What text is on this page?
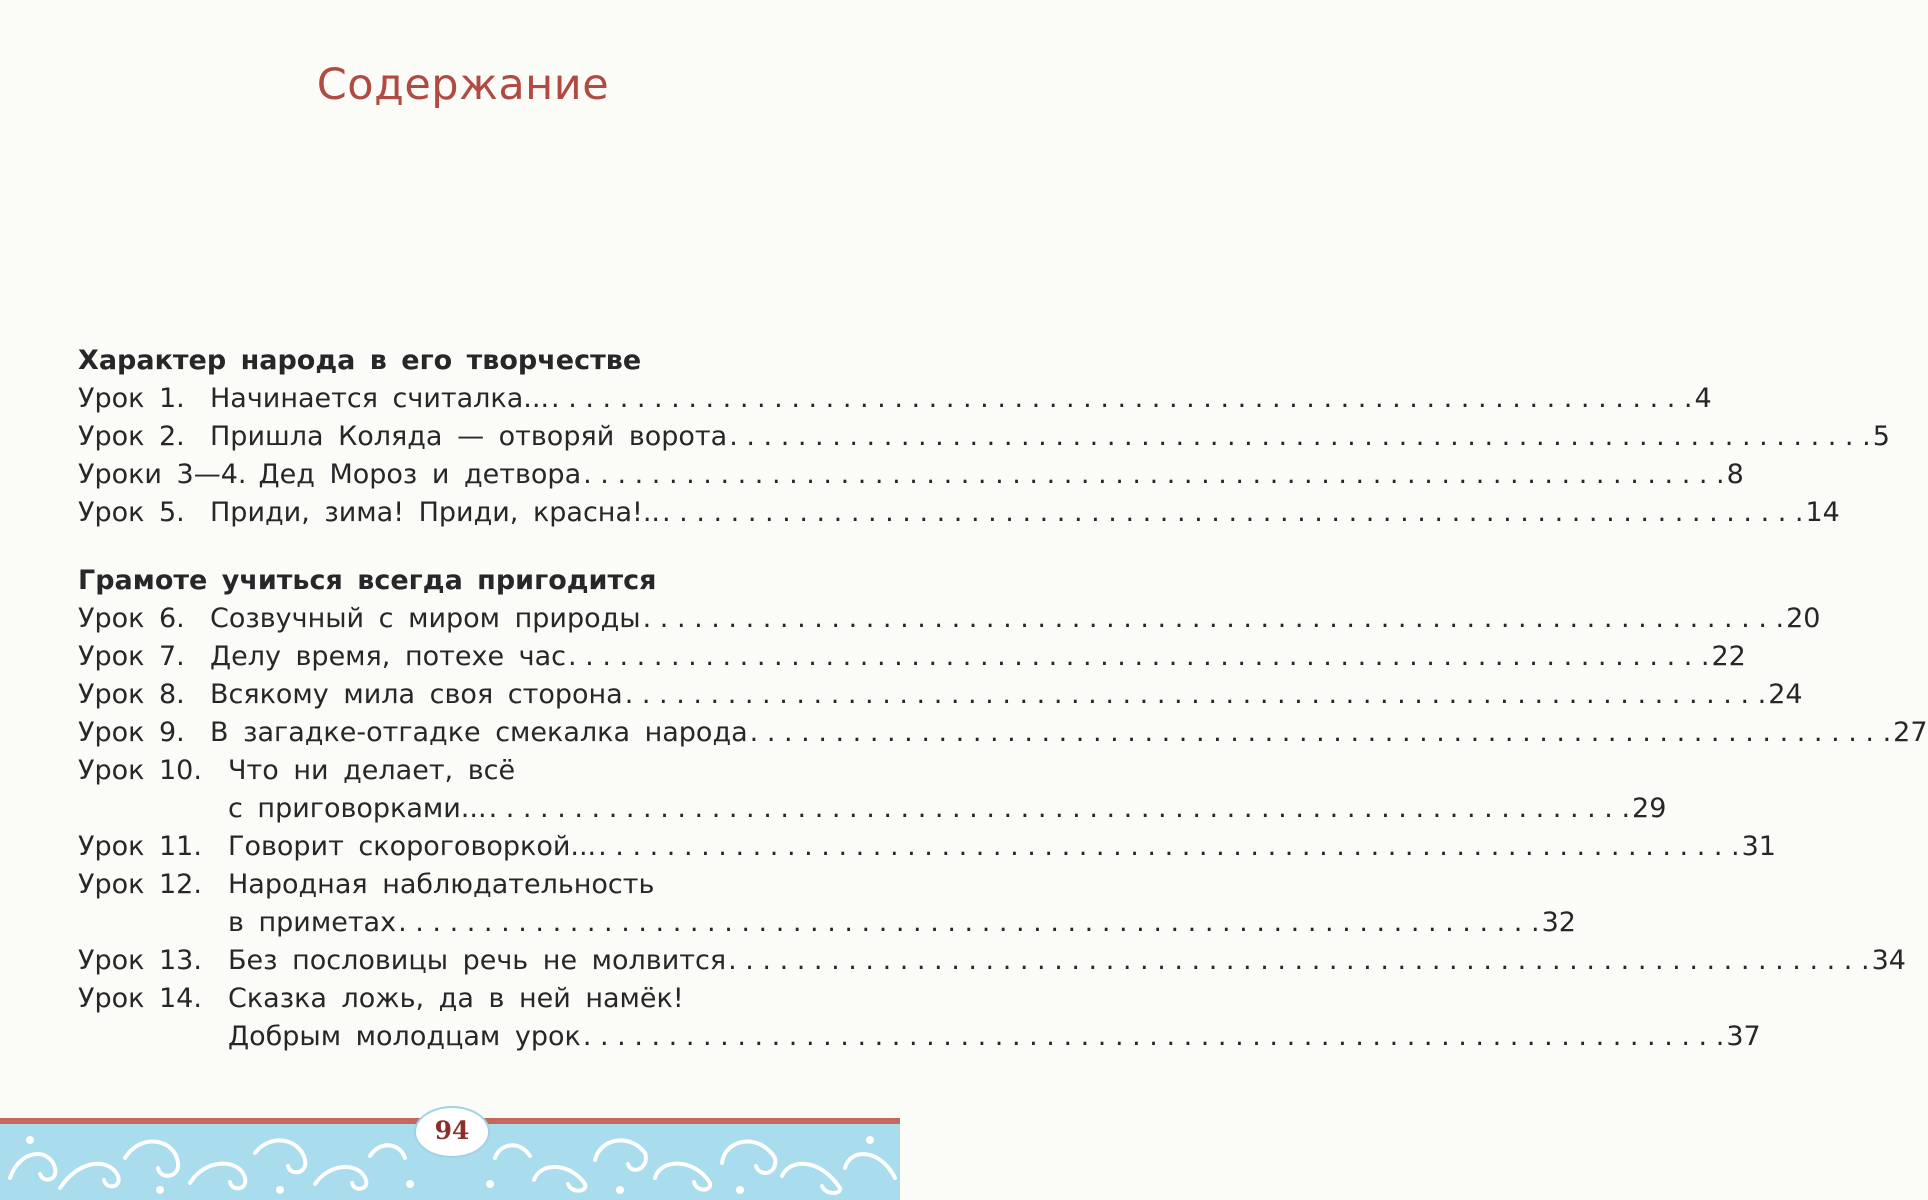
Содержание
Характер народа в его творчестве
Урок 1. Начинается считалка... . . .	4
Урок 2. Пришла Коляда — отворяй ворота . . .	5
Уроки 3—4. Дед Мороз и детвора . . .	8
Урок 5. Приди, зима! Приди, красна!.. . . .	14
Грамоте учиться всегда пригодится
Урок 6. Созвучный с миром природы . . .	20
Урок 7. Делу время, потехе час . . .	22
Урок 8. Всякому мила своя сторона . . .	24
Урок 9. В загадке-отгадке смекалка народа . . .	27
Урок 10. Что ни делает, всё
с приговорками... . . .	29
Урок 11. Говорит скороговоркой... . . .	31
Урок 12. Народная наблюдательность
в приметах . . .	32
Урок 13. Без пословицы речь не молвится . . .	34
Урок 14. Сказка ложь, да в ней намёк!
Добрым молодцам урок . . .	37
94
